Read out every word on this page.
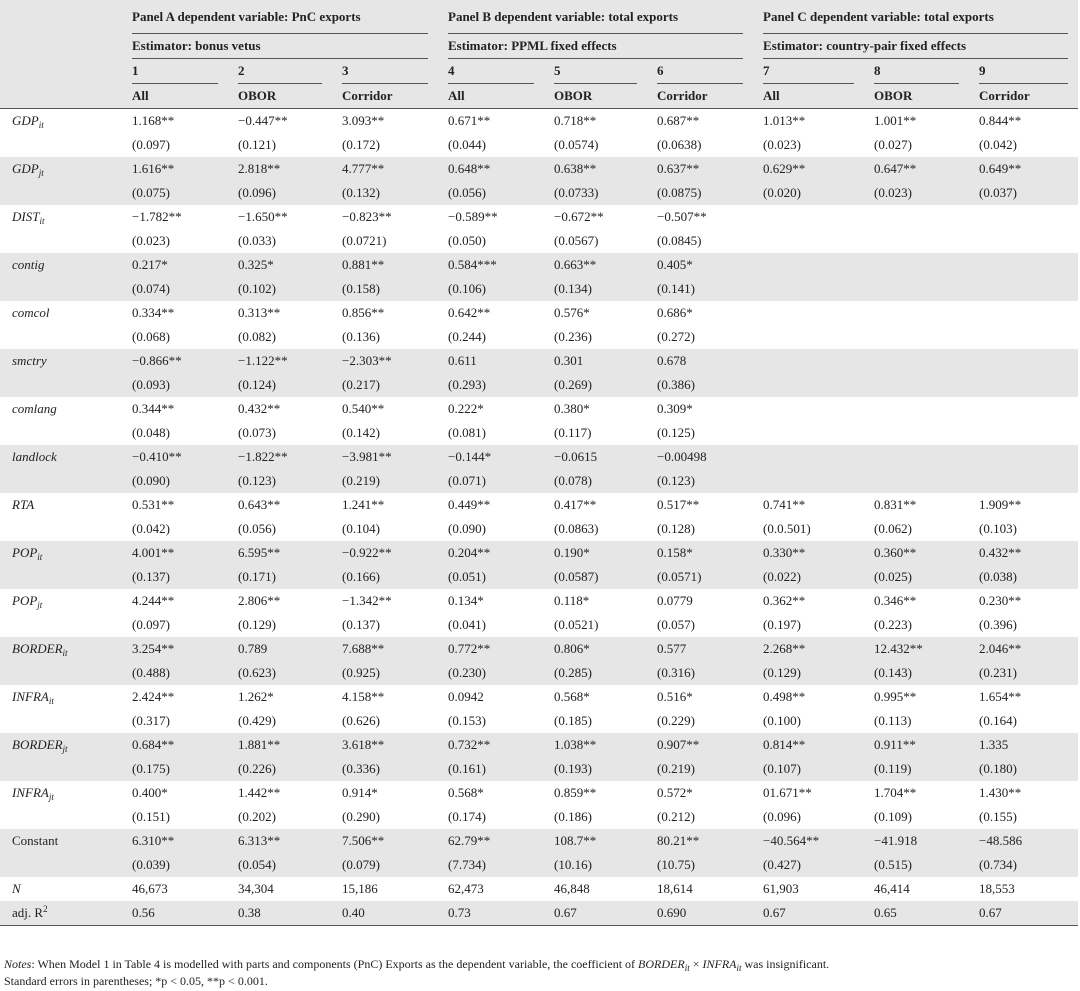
	Panel A dependent variable: PnC exports			Panel B dependent variable: total exports			Panel C dependent variable: total exports		

	Estimator: bonus vetus			Estimator: PPML fixed effects			Estimator: country-pair fixed effects		

	1	2	3	4	5	6	7	8	9

	All	OBOR	Corridor	All	OBOR	Corridor	All	OBOR	Corridor
$GDP_{it}$	1.168**	−0.447**	3.093**	0.671**	0.718**	0.687**	1.013**	1.001**	0.844**
	(0.097)	(0.121)	(0.172)	(0.044)	(0.0574)	(0.0638)	(0.023)	(0.027)	(0.042)
$GDP_{jt}$	1.616**	2.818**	4.777**	0.648**	0.638**	0.637**	0.629**	0.647**	0.649**
	(0.075)	(0.096)	(0.132)	(0.056)	(0.0733)	(0.0875)	(0.020)	(0.023)	(0.037)
$DIST_{it}$	−1.782**	−1.650**	−0.823**	−0.589**	−0.672**	−0.507**			
	(0.023)	(0.033)	(0.0721)	(0.050)	(0.0567)	(0.0845)			
contig	0.217*	0.325*	0.881**	0.584***	0.663**	0.405*			
	(0.074)	(0.102)	(0.158)	(0.106)	(0.134)	(0.141)			
comcol	0.334**	0.313**	0.856**	0.642**	0.576*	0.686*			
	(0.068)	(0.082)	(0.136)	(0.244)	(0.236)	(0.272)			
smctry	−0.866**	−1.122**	−2.303**	0.611	0.301	0.678			
	(0.093)	(0.124)	(0.217)	(0.293)	(0.269)	(0.386)			
comlang	0.344**	0.432**	0.540**	0.222*	0.380*	0.309*			
	(0.048)	(0.073)	(0.142)	(0.081)	(0.117)	(0.125)			
landlock	−0.410**	−1.822**	−3.981**	−0.144*	−0.0615	−0.00498			
	(0.090)	(0.123)	(0.219)	(0.071)	(0.078)	(0.123)			
RTA	0.531**	0.643**	1.241**	0.449**	0.417**	0.517**	0.741**	0.831**	1.909**
	(0.042)	(0.056)	(0.104)	(0.090)	(0.0863)	(0.128)	(0.0.501)	(0.062)	(0.103)
$POP_{it}$	4.001**	6.595**	−0.922**	0.204**	0.190*	0.158*	0.330**	0.360**	0.432**
	(0.137)	(0.171)	(0.166)	(0.051)	(0.0587)	(0.0571)	(0.022)	(0.025)	(0.038)
$POP_{jt}$	4.244**	2.806**	−1.342**	0.134*	0.118*	0.0779	0.362**	0.346**	0.230**
	(0.097)	(0.129)	(0.137)	(0.041)	(0.0521)	(0.057)	(0.197)	(0.223)	(0.396)
$BORDER_{it}$	3.254**	0.789	7.688**	0.772**	0.806*	0.577	2.268**	12.432**	2.046**
	(0.488)	(0.623)	(0.925)	(0.230)	(0.285)	(0.316)	(0.129)	(0.143)	(0.231)
$INFRA_{it}$	2.424**	1.262*	4.158**	0.0942	0.568*	0.516*	0.498**	0.995**	1.654**
	(0.317)	(0.429)	(0.626)	(0.153)	(0.185)	(0.229)	(0.100)	(0.113)	(0.164)
$BORDER_{jt}$	0.684**	1.881**	3.618**	0.732**	1.038**	0.907**	0.814**	0.911**	1.335
	(0.175)	(0.226)	(0.336)	(0.161)	(0.193)	(0.219)	(0.107)	(0.119)	(0.180)
$INFRA_{jt}$	0.400*	1.442**	0.914*	0.568*	0.859**	0.572*	01.671**	1.704**	1.430**
	(0.151)	(0.202)	(0.290)	(0.174)	(0.186)	(0.212)	(0.096)	(0.109)	(0.155)
Constant	6.310**	6.313**	7.506**	62.79**	108.7**	80.21**	−40.564**	−41.918	−48.586
	(0.039)	(0.054)	(0.079)	(7.734)	(10.16)	(10.75)	(0.427)	(0.515)	(0.734)
N	46,673	34,304	15,186	62,473	46,848	18,614	61,903	46,414	18,553
adj. $R^2$	0.56	0.38	0.40	0.73	0.67	0.690	0.67	0.65	0.67

Notes: When Model 1 in Table 4 is modelled with parts and components (PnC) Exports as the dependent variable, the coefficient of $BORDER_{it}$ × $INFRA_{it}$ was insignificant.

Standard errors in parentheses; *p < 0.05, **p < 0.001.
